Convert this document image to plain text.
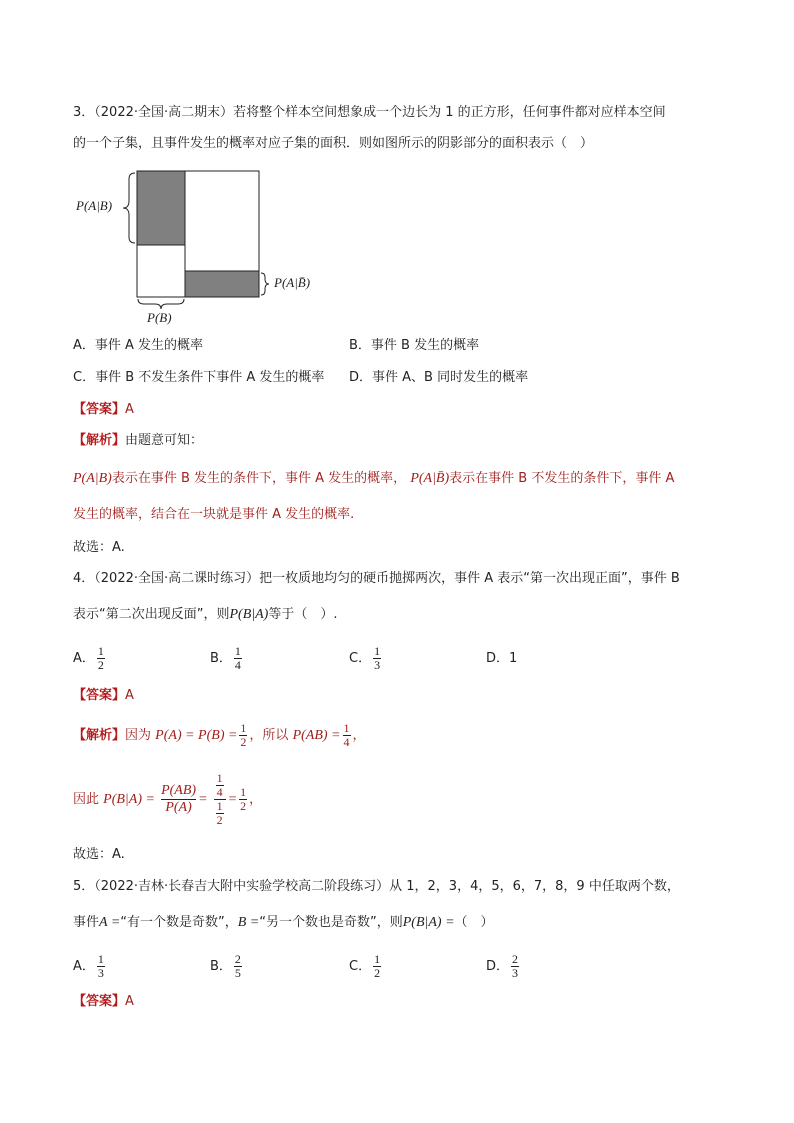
3．（2022·全国·高二期末）若将整个样本空间想象成一个边长为 1 的正方形，任何事件都对应样本空间
的一个子集，且事件发生的概率对应子集的面积．则如图所示的阴影部分的面积表示（　）
P(A|B)
P(A|B̄)
P(B)
A．事件 A 发生的概率	B．事件 B 发生的概率
C．事件 B 不发生条件下事件 A 发生的概率 D．事件 A、B 同时发生的概率
【答案】A
【解析】由题意可知：
P(A|B)表示在事件 B 发生的条件下，事件 A 发生的概率， P(A|B̄)表示在事件 B 不发生的条件下，事件 A
发生的概率，结合在一块就是事件 A 发生的概率.
故选：A.
4．（2022·全国·高二课时练习）把一枚质地均匀的硬币抛掷两次，事件 A 表示“第一次出现正面”，事件 B
表示“第二次出现反面”，则P(B|A)等于（　）.
A． $\frac{1}{2}$	B． $\frac{1}{4}$	C． $\frac{1}{3}$	D．1
【答案】A
【解析】因为 $P(A) = P(B) = \frac{1}{2}$ ，所以 $P(AB) = \frac{1}{4}$ ，
因此 $P(B|A) = \frac{P(AB)}{P(A)} = \frac{\frac{1}{4}}{\frac{1}{2}} = \frac{1}{2}$ ，
故选：A.
5．（2022·吉林·长春吉大附中实验学校高二阶段练习）从 1，2，3，4，5，6，7，8，9 中任取两个数，
事件A =“有一个数是奇数”，B =“另一个数也是奇数”，则P(B|A) =（　）
A． $\frac{1}{3}$	B． $\frac{2}{5}$	C． $\frac{1}{2}$	D． $\frac{2}{3}$
【答案】A
